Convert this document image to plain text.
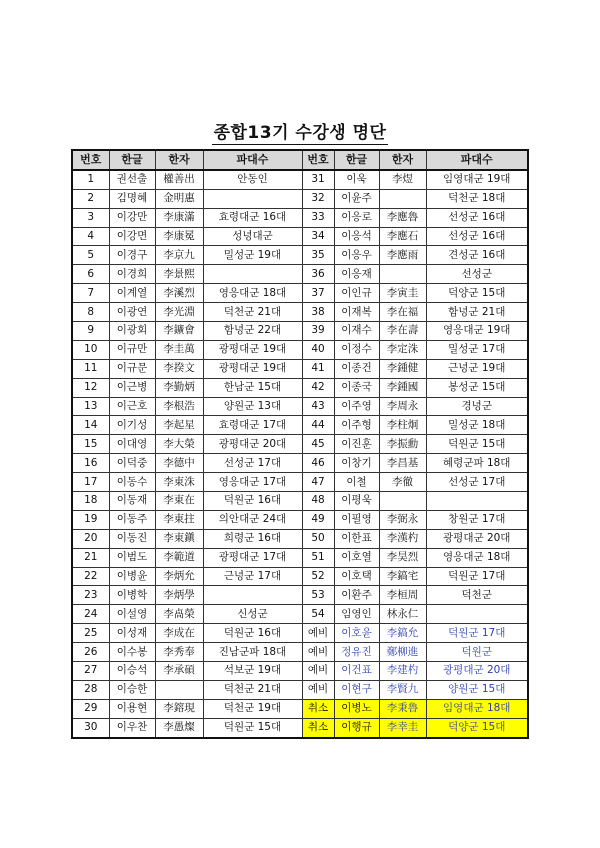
종합13기 수강생 명단
번호	한글	한자	파대수	번호	한글	한자	파대수
1	권선출	權善出	안동인	31	이욱	李煜	임영대군 19대
2	김명혜	金明惠		32	이윤주		덕천군 18대
3	이강만	李康滿	효령대군 16대	33	이응로	李應魯	선성군 16대
4	이강면	李康冕	성녕대군	34	이응석	李應石	선성군 16대
5	이경구	李京九	밀성군 19대	35	이응우	李應雨	견성군 16대
6	이경희	李景熙		36	이응재		선성군
7	이계열	李溪烈	영응대군 18대	37	이인규	李寅圭	덕양군 15대
8	이광연	李光淵	덕천군 21대	38	이재복	李在福	함녕군 21대
9	이광회	李鑛會	함녕군 22대	39	이재수	李在壽	영응대군 19대
10	이규만	李圭萬	광평대군 19대	40	이정수	李定洙	밀성군 17대
11	이규문	李揆文	광평대군 19대	41	이종건	李鍾健	근녕군 19대
12	이근병	李勤炳	한남군 15대	42	이종국	李鍾國	봉성군 15대
13	이근호	李根浩	양원군 13대	43	이주영	李周永	경녕군
14	이기성	李起星	효령대군 17대	44	이주형	李柱炯	밀성군 18대
15	이대영	李大榮	광평대군 20대	45	이진훈	李振勳	덕원군 15대
16	이덕중	李德中	선성군 17대	46	이창기	李昌基	혜령군파 18대
17	이동수	李東洙	영응대군 17대	47	이철	李徹	선성군 17대
18	이동재	李東在	덕원군 16대	48	이평욱		
19	이동주	李東拄	의안대군 24대	49	이필영	李弼永	창원군 17대
20	이동진	李東鎭	희령군 16대	50	이한표	李漢杓	광평대군 20대
21	이범도	李範道	광평대군 17대	51	이호열	李昊烈	영응대군 18대
22	이병윤	李炳允	근녕군 17대	52	이호택	李鎬宅	덕원군 17대
23	이병학	李炳學		53	이환주	李桓周	덕천군
24	이설영	李卨榮	신성군	54	임영인	林永仁	
25	이성재	李成在	덕원군 16대	예비	이호윤	李鎬允	덕원군 17대
26	이수봉	李秀奉	진남군파 18대	예비	정유진	鄭柳進	덕원군
27	이승석	李承碩	석보군 19대	예비	이건표	李建杓	광평대군 20대
28	이승한		덕천군 21대	예비	이현구	李賢九	양원군 15대
29	이용현	李鎔現	덕천군 19대	취소	이병노	李秉魯	임영대군 18대
30	이우찬	李愚燦	덕원군 15대	취소	이행규	李幸圭	덕양군 15대
